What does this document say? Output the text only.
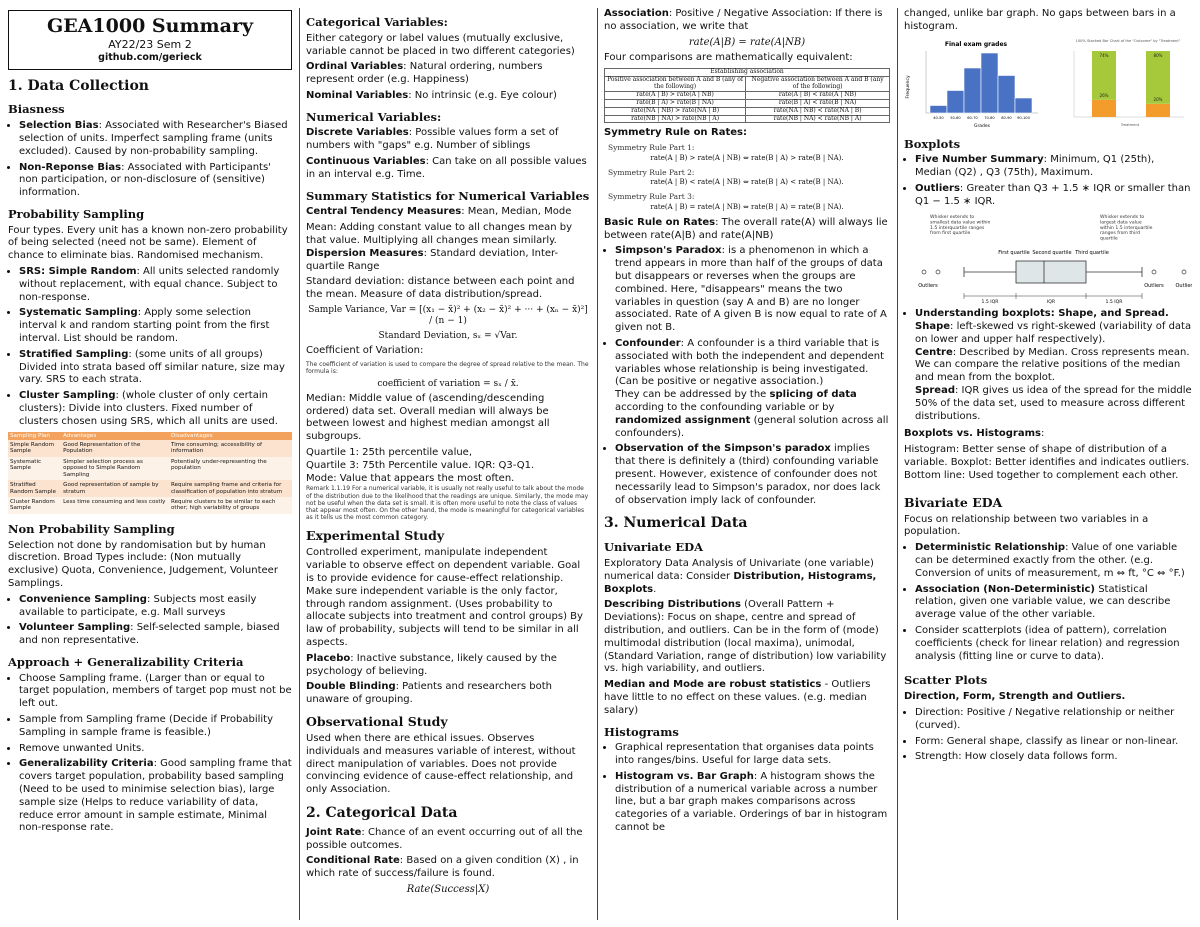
GEA1000 Summary
AY22/23 Sem 2
github.com/gerieck
1. Data Collection
Biasness
• Selection Bias: Associated with Researcher's Biased selection of units. Imperfect sampling frame (units excluded). Caused by non-probability sampling.
• Non-Reponse Bias: Associated with Participants' non participation, or non-disclosure of (sensitive) information.
Probability Sampling

Four types. Every unit has a known non-zero probability of being selected (need not be same). Element of chance to eliminate bias. Randomised mechanism.

• SRS: Simple Random: All units selected randomly without replacement, with equal chance. Subject to non-response.
• Systematic Sampling: Apply some selection interval k and random starting point from the first interval. List should be random.
• Stratified Sampling: (some units of all groups) Divided into strata based off similar nature, size may vary. SRS to each strata.
• Cluster Sampling: (whole cluster of only certain clusters): Divide into clusters. Fixed number of clusters chosen using SRS, which all units are used.
Sampling Plan	Advantages	Disadvantages
Simple Random Sample	Good Representation of the Population	Time consuming; accessibility of information
Systematic Sample	Simpler selection process as opposed to Simple Random Sampling	Potentially under-representing the population
Stratified Random Sample	Good representation of sample by stratum	Require sampling frame and criteria for classification of population into stratum
Cluster Random Sample	Less time consuming and less costly	Require clusters to be similar to each other; high variability of groups
Non Probability Sampling

Selection not done by randomisation but by human discretion. Broad Types include: (Non mutually exclusive) Quota, Convenience, Judgement, Volunteer Samplings.

• Convenience Sampling: Subjects most easily available to participate, e.g. Mall surveys
• Volunteer Sampling: Self-selected sample, biased and non representative.
Approach + Generalizability Criteria
• Choose Sampling frame. (Larger than or equal to target population, members of target pop must not be left out.
• Sample from Sampling frame (Decide if Probability Sampling in sample frame is feasible.)
• Remove unwanted Units.
• Generalizability Criteria: Good sampling frame that covers target population, probability based sampling (Need to be used to minimise selection bias), large sample size (Helps to reduce variability of data, reduce error amount in sample estimate, Minimal non-response rate.
Categorical Variables:

Either category or label values (mutually exclusive, variable cannot be placed in two different categories)

Ordinal Variables: Natural ordering, numbers represent order (e.g. Happiness)

Nominal Variables: No intrinsic (e.g. Eye colour)

Numerical Variables:

Discrete Variables: Possible values form a set of numbers with "gaps" e.g. Number of siblings

Continuous Variables: Can take on all possible values in an interval e.g. Time.

Summary Statistics for Numerical Variables

Central Tendency Measures: Mean, Median, Mode

Mean: Adding constant value to all changes mean by that value. Multiplying all changes mean similarly. Dispersion Measures: Standard deviation, Inter-quartile Range

Standard deviation: distance between each point and the mean. Measure of data distribution/spread.

Sample Variance, Var = [(x₁ − x̄)² + (x₂ − x̄)² + ··· + (xₙ − x̄)²] / (n − 1)

Standard Deviation, sₓ = √Var.

Coefficient of Variation:

The coefficient of variation is used to compare the degree of spread relative to the mean. The formula is:

coefficient of variation = sₓ / x̄.

Median: Middle value of (ascending/descending ordered) data set. Overall median will always be between lowest and highest median amongst all subgroups.

Quartile 1: 25th percentile value,

Quartile 3: 75th Percentile value. IQR: Q3-Q1.

Mode: Value that appears the most often.

Remark 1.1.19 For a numerical variable, it is usually not really useful to talk about the mode of the distribution due to the likelihood that the readings are unique. Similarly, the mode may not be useful when the data set is small. It is often more useful to note the class of values that appear most often. On the other hand, the mode is meaningful for categorical variables as it tells us the most common category.

Experimental Study

Controlled experiment, manipulate independent variable to observe effect on dependent variable. Goal is to provide evidence for cause-effect relationship. Make sure independent variable is the only factor, through random assignment. (Uses probability to allocate subjects into treatment and control groups) By law of probability, subjects will tend to be similar in all aspects.

Placebo: Inactive substance, likely caused by the psychology of believing.

Double Blinding: Patients and researchers both unaware of grouping.

Observational Study

Used when there are ethical issues. Observes individuals and measures variable of interest, without direct manipulation of variables. Does not provide convincing evidence of cause-effect relationship, and only Association.

2. Categorical Data

Joint Rate: Chance of an event occurring out of all the possible outcomes.

Conditional Rate: Based on a given condition (X) , in which rate of success/failure is found.

Rate(Success|X)

Association: Positive / Negative Association: If there is no association, we write that

rate(A|B) = rate(A|NB)

Four comparisons are mathematically equivalent:

Establishing association	
Positive association between A and B (any of the following)	Negative association between A and B (any of the following)
rate(A | B) > rate(A | NB)	rate(A | B) < rate(A | NB)
rate(B | A) > rate(B | NA)	rate(B | A) < rate(B | NA)
rate(NA | NB) > rate(NA | B)	rate(NA | NB) < rate(NA | B)
rate(NB | NA) > rate(NB | A)	rate(NB | NA) < rate(NB | A)

Symmetry Rule on Rates:

Symmetry Rule Part 1:
rate(A | B) > rate(A | NB) ⇔ rate(B | A) > rate(B | NA).
Symmetry Rule Part 2:
rate(A | B) < rate(A | NB) ⇔ rate(B | A) < rate(B | NA).
Symmetry Rule Part 3:
rate(A | B) = rate(A | NB) ⇔ rate(B | A) = rate(B | NA).

Basic Rule on Rates: The overall rate(A) will always lie between rate(A|B) and rate(A|NB)

• Simpson's Paradox: is a phenomenon in which a trend appears in more than half of the groups of data but disappears or reverses when the groups are combined. Here, "disappears" means the two variables in question (say A and B) are no longer associated. Rate of A given B is now equal to rate of A given not B.
• Confounder: A confounder is a third variable that is associated with both the independent and dependent variables whose relationship is being investigated. (Can be positive or negative association.)
They can be addressed by the splicing of data according to the confounding variable or by randomized assignment (general solution across all confounders).
• Observation of the Simpson's paradox implies that there is definitely a (third) confounding variable present. However, existence of confounder does not necessarily lead to Simpson's paradox, nor does lack of observation imply lack of confounder.
3. Numerical Data
Univariate EDA

Exploratory Data Analysis of Univariate (one variable) numerical data: Consider Distribution, Histograms, Boxplots.

Describing Distributions (Overall Pattern + Deviations): Focus on shape, centre and spread of distribution, and outliers. Can be in the form of (mode) multimodal distribution (local maxima), unimodal, (Standard Variation, range of distribution) low variability vs. high variability, and outliers.

Median and Mode are robust statistics - Outliers have little to no effect on these values. (e.g. median salary)

Histograms
• Graphical representation that organises data points into ranges/bins. Useful for large data sets.
• Histogram vs. Bar Graph: A histogram shows the distribution of a numerical variable across a number line, but a bar graph makes comparisons across categories of a variable. Orderings of bar in histogram cannot be

changed, unlike bar graph. No gaps between bars in a histogram.

Final exam grades
Frequency
Grades
40-50 50-60 60-70 70-80 80-90 90-100
100% Stacked Bar Chart of the "Outcome" by "Treatment"
26%
74%
20%
80%
Treatment
Boxplots
• Five Number Summary: Minimum, Q1 (25th), Median (Q2) , Q3 (75th), Maximum.
• Outliers: Greater than Q3 + 1.5 ∗ IQR or smaller than Q1 − 1.5 ∗ IQR.
Whisker extends to smallest data value within 1.5 interquartile ranges from first quartile
Whisker extends to largest data value within 1.5 interquartile ranges from third quartile
First quartile Second quartile Third quartile
Outliers	Outliers Outlier
1.5 IQR	IQR	1.5 IQR
• Understanding boxplots: Shape, and Spread.
Shape: left-skewed vs right-skewed (variability of data on lower and upper half respectively).
Centre: Described by Median. Cross represents mean. We can compare the relative positions of the median and mean from the boxplot.
Spread: IQR gives us idea of the spread for the middle 50% of the data set, used to measure across different distributions.

Boxplots vs. Histograms:

Histogram: Better sense of shape of distribution of a variable. Boxplot: Better identifies and indicates outliers.

Bottom line: Used together to complement each other.

Bivariate EDA

Focus on relationship between two variables in a population.

• Deterministic Relationship: Value of one variable can be determined exactly from the other. (e.g. Conversion of units of measurement, m ⇔ ft, °C ⇔ °F.)
• Association (Non-Deterministic) Statistical relation, given one variable value, we can describe average value of the other variable.
• Consider scatterplots (idea of pattern), correlation coefficients (check for linear relation) and regression analysis (fitting line or curve to data).
Scatter Plots

Direction, Form, Strength and Outliers.

• Direction: Positive / Negative relationship or neither (curved).
• Form: General shape, classify as linear or non-linear.
• Strength: How closely data follows form.
